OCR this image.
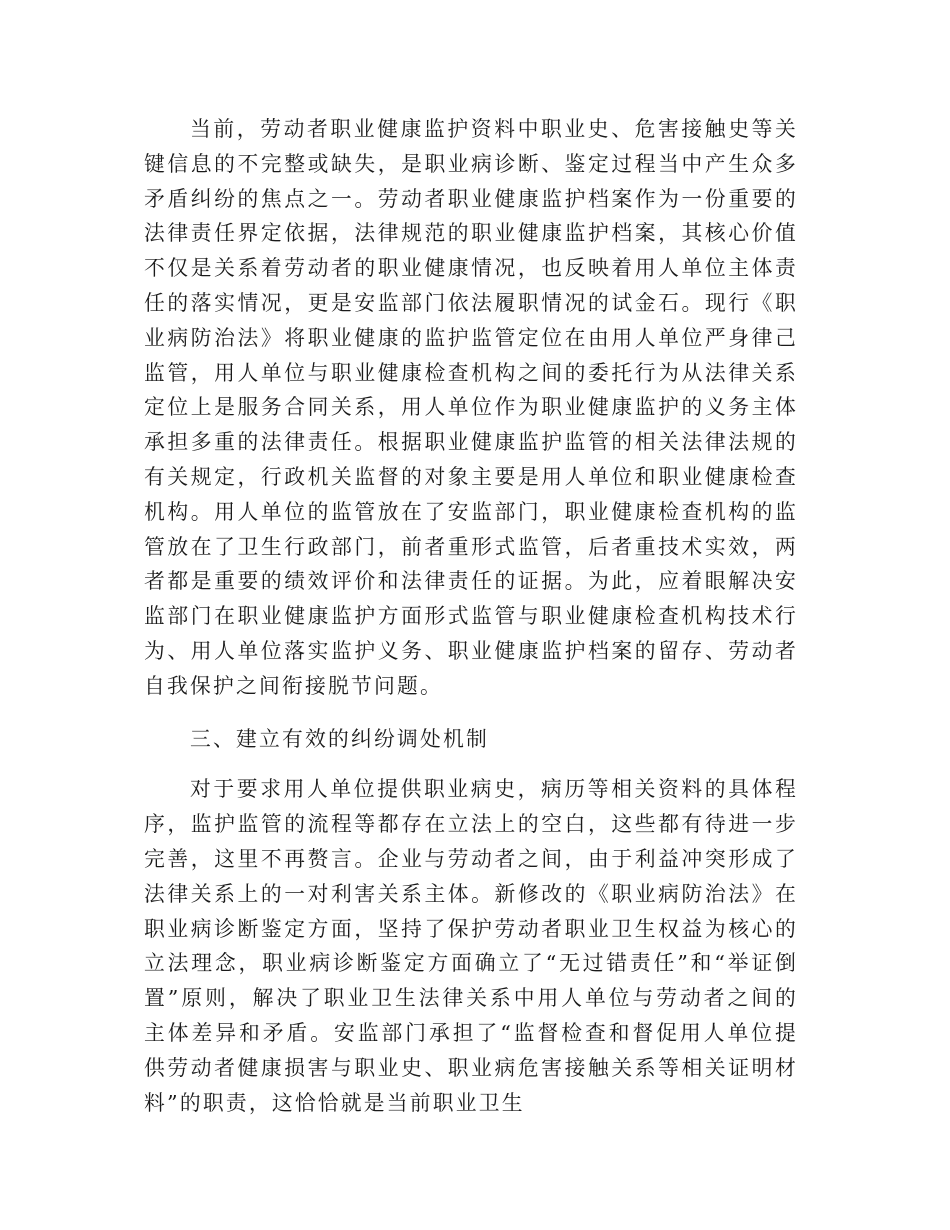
当前，劳动者职业健康监护资料中职业史、危害接触史等关键信息的不完整或缺失，是职业病诊断、鉴定过程当中产生众多矛盾纠纷的焦点之一。劳动者职业健康监护档案作为一份重要的法律责任界定依据，法律规范的职业健康监护档案，其核心价值不仅是关系着劳动者的职业健康情况，也反映着用人单位主体责任的落实情况，更是安监部门依法履职情况的试金石。现行《职业病防治法》将职业健康的监护监管定位在由用人单位严身律己监管，用人单位与职业健康检查机构之间的委托行为从法律关系定位上是服务合同关系，用人单位作为职业健康监护的义务主体承担多重的法律责任。根据职业健康监护监管的相关法律法规的有关规定，行政机关监督的对象主要是用人单位和职业健康检查机构。用人单位的监管放在了安监部门，职业健康检查机构的监管放在了卫生行政部门，前者重形式监管，后者重技术实效，两者都是重要的绩效评价和法律责任的证据。为此，应着眼解决安监部门在职业健康监护方面形式监管与职业健康检查机构技术行为、用人单位落实监护义务、职业健康监护档案的留存、劳动者自我保护之间衔接脱节问题。

三、建立有效的纠纷调处机制

对于要求用人单位提供职业病史，病历等相关资料的具体程序，监护监管的流程等都存在立法上的空白，这些都有待进一步完善，这里不再赘言。企业与劳动者之间，由于利益冲突形成了法律关系上的一对利害关系主体。新修改的《职业病防治法》在职业病诊断鉴定方面，坚持了保护劳动者职业卫生权益为核心的立法理念，职业病诊断鉴定方面确立了“无过错责任”和“举证倒置”原则，解决了职业卫生法律关系中用人单位与劳动者之间的主体差异和矛盾。安监部门承担了“监督检查和督促用人单位提供劳动者健康损害与职业史、职业病危害接触关系等相关证明材料”的职责，这恰恰就是当前职业卫生
